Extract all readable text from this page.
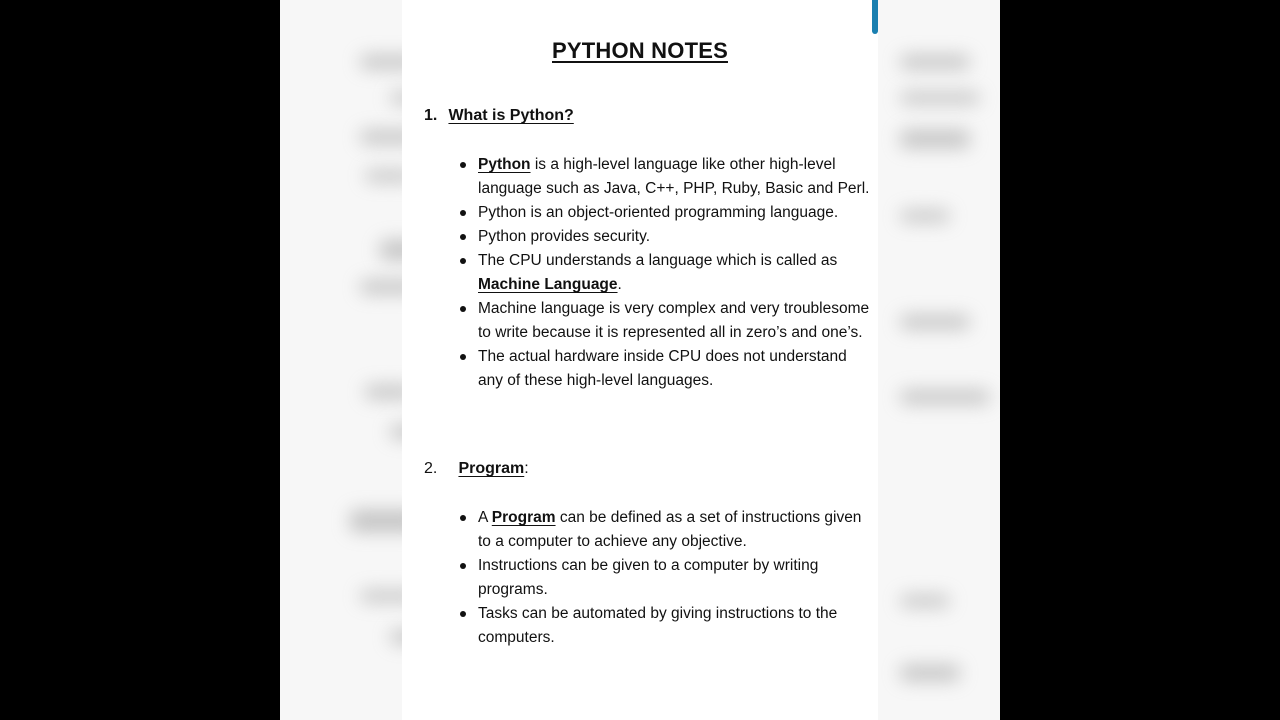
PYTHON NOTES
1. What is Python?
Python is a high-level language like other high-level language such as Java, C++, PHP, Ruby, Basic and Perl.
Python is an object-oriented programming language.
Python provides security.
The CPU understands a language which is called as Machine Language.
Machine language is very complex and very troublesome to write because it is represented all in zero’s and one’s.
The actual hardware inside CPU does not understand any of these high-level languages.
2. Program:
A Program can be defined as a set of instructions given to a computer to achieve any objective.
Instructions can be given to a computer by writing programs.
Tasks can be automated by giving instructions to the computers.
